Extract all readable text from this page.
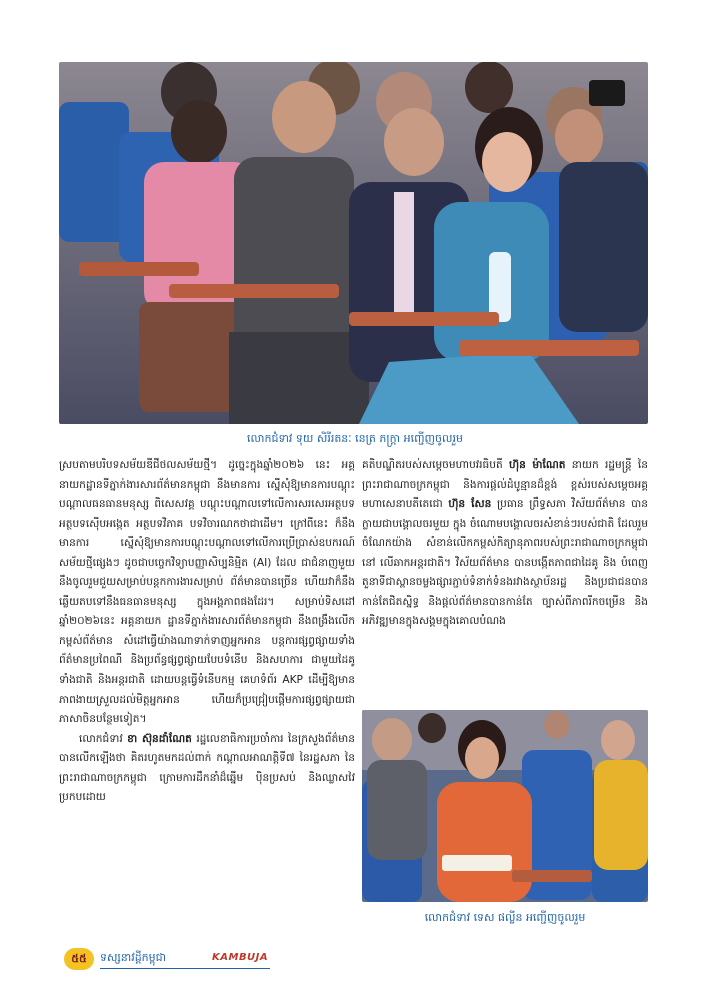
លោកជំទាវ ទុយ សិរីរតនៈ នេត្រ ភក្ត្រា អញ្ជើញចូលរួម

ស្របតាមបរិបទសម័យឌីជីថលសម័យថ្មី។ ដូច្នេះក្នុងឆ្នាំ២០២៦ នេះ អគ្គនាយកដ្ឋានទីភ្នាក់ងារសារព័ត៌មានកម្ពុជា នឹងមានការ ស្នើសុំឱ្យមានការបណ្ដុះបណ្ដាលធនធានមនុស្ស ពិសេសវគ្គ បណ្ដុះបណ្ដាលទៅលើការសរសេរអត្ថបទ អត្ថបទស៊ើបអង្កេត អត្ថបទវិភាគ បទវិចារណកថាជាដើម។ ក្រៅពីនេះ ក៏នឹងមានការ ស្នើសុំឱ្យមានការបណ្ដុះបណ្ដាលទៅលើការប្រើប្រាស់ឧបករណ៍ សម័យថ្មីផ្សេងៗ ដូចជាបច្ចេកវិទ្យាបញ្ញាសិប្បនិម្មិត (AI) ដែល ជាជំនាញមួយ នឹងចូលរួមជួយសម្រាប់បន្តកការងារសម្រាប់ ព័ត៌មានបានច្រើន ហើយវាក៏នឹងឆ្លើយតបទៅនឹងធនធានមនុស្ស ក្នុងអង្គភាពផងដែរ។ សម្រាប់ទិសដៅឆ្នាំ២០២៦នេះ អគ្គនាយក ដ្ឋានទីភ្នាក់ងារសារព័ត៌មានកម្ពុជា នឹងពង្រឹងលើកកម្ពស់ព័ត៌មាន សំដៅធ្វើយ៉ាងណាទាក់ទាញអ្នកអាន បន្តការផ្សព្វផ្សាយទាំង ព័ត៌មានប្រពៃណី និងប្រព័ន្ធផ្សព្វផ្សាយបែបទំនើប និងសហការ ជាមួយដៃគូទាំងជាតិ និងអន្តរជាតិ ដោយបន្តធ្វើទំនើបកម្ម គេហទំព័រ AKP ដើម្បីឱ្យមានភាពងាយស្រួលដល់មិត្តអ្នកអាន ហើយក៏ប្រជ្រៀបផ្ដើមការផ្សព្វផ្សាយជាភាសាចិនបន្ថែមទៀត។

លោកជំទាវ ខា ស៊ុនដាំណែត រដ្ឋលេខាធិការប្រចាំការ នៃក្រសួងព័ត៌មាន បានលើកឡើងថា គិតរហូតមកដល់ពាក់ កណ្ដាលអាណត្តិទី៧ នៃរដ្ឋសភា នៃព្រះរាជាណាចក្រកម្ពុជា ក្រោមការដឹកនាំដ៏ឆ្នើម ប៉ិនប្រសប់ និងឈ្លាសវៃប្រកបដោយ

គតិបណ្ឌិតរបស់សម្ដេចមហាបវរធិបតី ហ៊ុន ម៉ាណែត នាយក រដ្ឋមន្ត្រី នៃព្រះរាជាណាចក្រកម្ពុជា និងការផ្ដល់ដំបូន្មានដ៏ខ្ពង់ ខ្ពស់របស់សម្ដេចអគ្គមហាសេនាបតីតេជោ ហ៊ុន សែន ប្រធាន ព្រឹទ្ធសភា វិស័យព័ត៌មាន បានក្លាយជាបង្គោលចរមួយ ក្នុង ចំណោមបង្គោលចរសំខាន់ៗរបស់ជាតិ ដែលរួមចំណែកយ៉ាង សំខាន់លើកកម្ពស់កិត្យានុភាពរបស់ព្រះរាជាណាចក្រកម្ពុជានៅ លើឆាកអន្តរជាតិ។ វិស័យព័ត៌មាន បានបង្កើតភាពជាដៃគូ និង បំពេញតួនាទីជាស្ពានចម្លងផ្សារភ្ជាប់ទំនាក់ទំនងរវាងស្ថាប័នរដ្ឋ និងប្រជាជនបានកាន់តែជិតស្និទ្ធ និងផ្ដល់ព័ត៌មានបានកាន់តែ ច្បាស់ពីភាពរីកចម្រើន និងអភិវឌ្ឍមានក្នុងសង្គមក្នុងគោលបំណង

លោកជំទាវ ទេស ផល្លីន អញ្ជើញចូលរួម
៥៥	ទស្សនាវដ្ដីកម្ពុជា	KAMBUJA
